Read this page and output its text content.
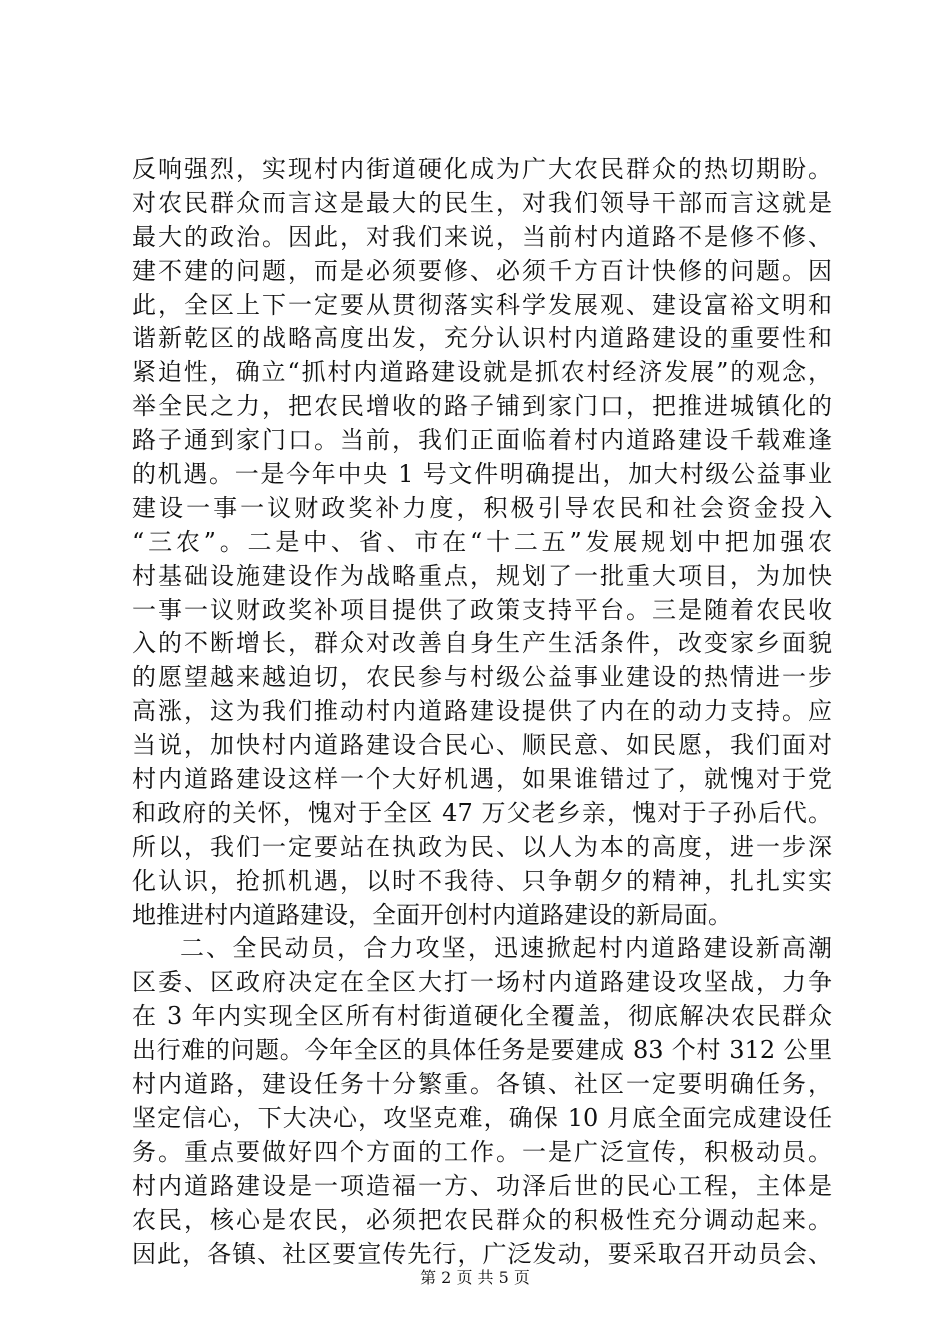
反响强烈，实现村内街道硬化成为广大农民群众的热切期盼。
对农民群众而言这是最大的民生，对我们领导干部而言这就是
最大的政治。因此，对我们来说，当前村内道路不是修不修、
建不建的问题，而是必须要修、必须千方百计快修的问题。因
此，全区上下一定要从贯彻落实科学发展观、建设富裕文明和
谐新乾区的战略高度出发，充分认识村内道路建设的重要性和
紧迫性，确立“抓村内道路建设就是抓农村经济发展”的观念，
举全民之力，把农民增收的路子铺到家门口，把推进城镇化的
路子通到家门口。当前，我们正面临着村内道路建设千载难逢
的机遇。一是今年中央 1 号文件明确提出，加大村级公益事业
建设一事一议财政奖补力度，积极引导农民和社会资金投入
“三农”。二是中、省、市在“十二五”发展规划中把加强农
村基础设施建设作为战略重点，规划了一批重大项目，为加快
一事一议财政奖补项目提供了政策支持平台。三是随着农民收
入的不断增长，群众对改善自身生产生活条件，改变家乡面貌
的愿望越来越迫切，农民参与村级公益事业建设的热情进一步
高涨，这为我们推动村内道路建设提供了内在的动力支持。应
当说，加快村内道路建设合民心、顺民意、如民愿，我们面对
村内道路建设这样一个大好机遇，如果谁错过了，就愧对于党
和政府的关怀，愧对于全区 47 万父老乡亲，愧对于子孙后代。
所以，我们一定要站在执政为民、以人为本的高度，进一步深
化认识，抢抓机遇，以时不我待、只争朝夕的精神，扎扎实实
地推进村内道路建设，全面开创村内道路建设的新局面。
二、全民动员，合力攻坚，迅速掀起村内道路建设新高潮
区委、区政府决定在全区大打一场村内道路建设攻坚战，力争
在 3 年内实现全区所有村街道硬化全覆盖，彻底解决农民群众
出行难的问题。今年全区的具体任务是要建成 83 个村 312 公里
村内道路，建设任务十分繁重。各镇、社区一定要明确任务，
坚定信心，下大决心，攻坚克难，确保 10 月底全面完成建设任
务。重点要做好四个方面的工作。一是广泛宣传，积极动员。
村内道路建设是一项造福一方、功泽后世的民心工程，主体是
农民，核心是农民，必须把农民群众的积极性充分调动起来。
因此，各镇、社区要宣传先行，广泛发动，要采取召开动员会、
第 2 页 共 5 页
